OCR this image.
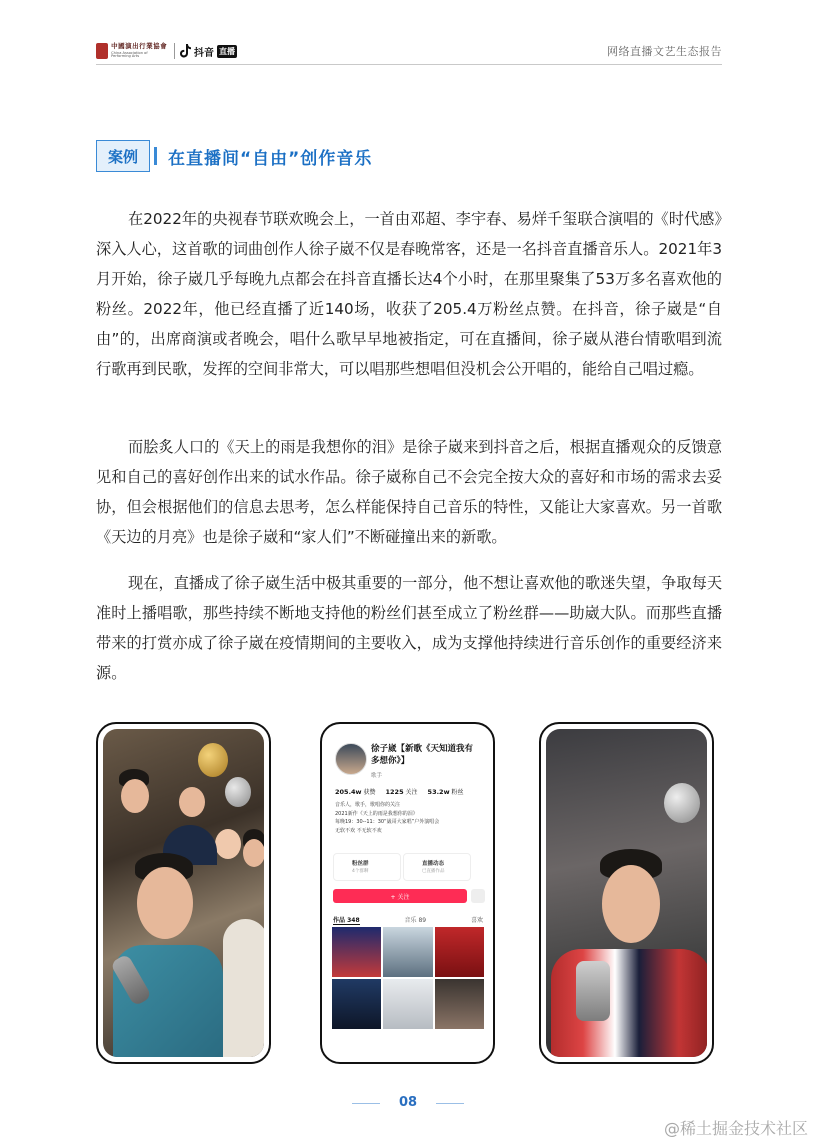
中國演出行業協會
China Association of Performing Arts	抖音 直播	网络直播文艺生态报告
案例	在直播间“自由”创作音乐

在2022年的央视春节联欢晚会上，一首由邓超、李宇春、易烊千玺联合演唱的《时代感》深入人心，这首歌的词曲创作人徐子崴不仅是春晚常客，还是一名抖音直播音乐人。2021年3月开始，徐子崴几乎每晚九点都会在抖音直播长达4个小时，在那里聚集了53万多名喜欢他的粉丝。2022年，他已经直播了近140场，收获了205.4万粉丝点赞。在抖音，徐子崴是“自由”的，出席商演或者晚会，唱什么歌早早地被指定，可在直播间，徐子崴从港台情歌唱到流行歌再到民歌，发挥的空间非常大，可以唱那些想唱但没机会公开唱的，能给自己唱过瘾。

而脍炙人口的《天上的雨是我想你的泪》是徐子崴来到抖音之后，根据直播观众的反馈意见和自己的喜好创作出来的试水作品。徐子崴称自己不会完全按大众的喜好和市场的需求去妥协，但会根据他们的信息去思考，怎么样能保持自己音乐的特性，又能让大家喜欢。另一首歌《天边的月亮》也是徐子崴和“家人们”不断碰撞出来的新歌。

现在，直播成了徐子崴生活中极其重要的一部分，他不想让喜欢他的歌迷失望，争取每天准时上播唱歌，那些持续不断地支持他的粉丝们甚至成立了粉丝群——助崴大队。而那些直播带来的打赏亦成了徐子崴在疫情期间的主要收入，成为支撑他持续进行音乐创作的重要经济来源。

徐子崴【新歌《天知道我有多想你》】
歌手
205.4w 获赞 1225 关注 53.2w 粉丝
音乐人，歌手，歌唱你的关注
2021新作《天上的雨是我想你的泪》
每晚19：30--11：30“崴哥大家唱”户外演唱会
无软不欢 不无软不欢
粉丝群
4个群聊
直播动态
已直播作品
+ 关注
作品 348	音乐 89	喜欢
08
@稀土掘金技术社区
